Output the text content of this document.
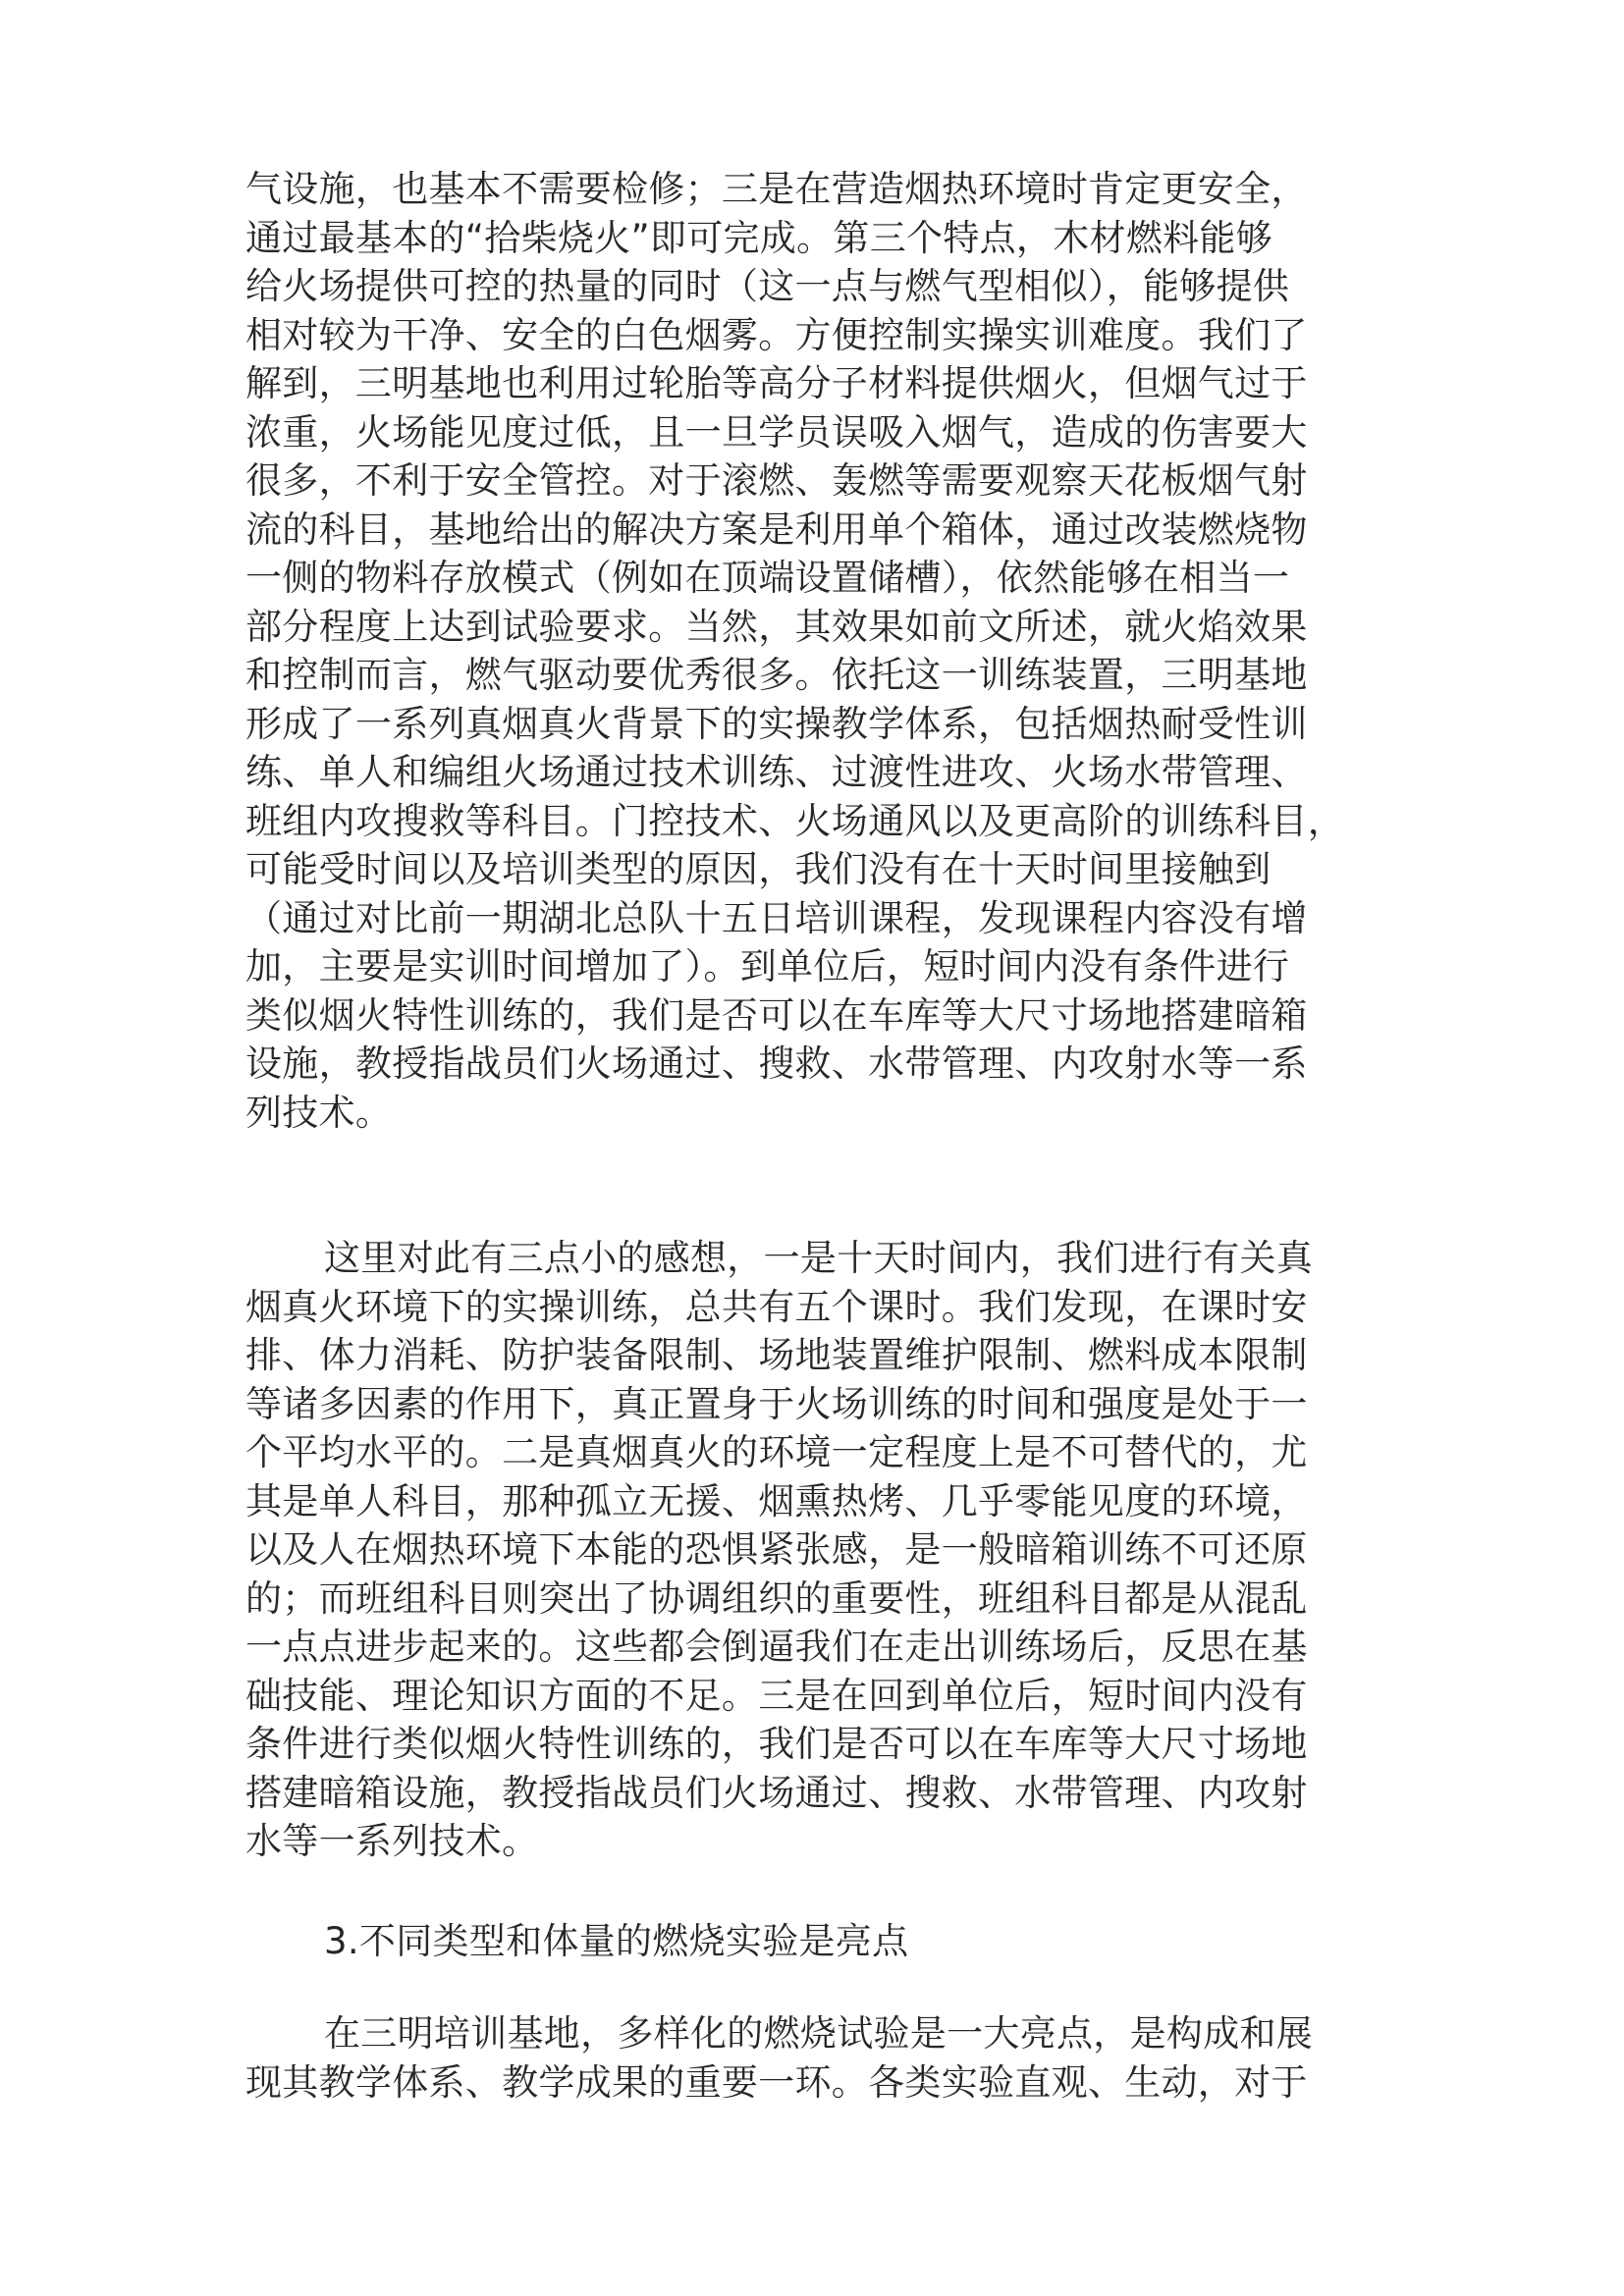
气设施，也基本不需要检修；三是在营造烟热环境时肯定更安全，
通过最基本的“拾柴烧火”即可完成。第三个特点，木材燃料能够
给火场提供可控的热量的同时（这一点与燃气型相似），能够提供
相对较为干净、安全的白色烟雾。方便控制实操实训难度。我们了
解到，三明基地也利用过轮胎等高分子材料提供烟火，但烟气过于
浓重，火场能见度过低，且一旦学员误吸入烟气，造成的伤害要大
很多，不利于安全管控。对于滚燃、轰燃等需要观察天花板烟气射
流的科目，基地给出的解决方案是利用单个箱体，通过改装燃烧物
一侧的物料存放模式（例如在顶端设置储槽），依然能够在相当一
部分程度上达到试验要求。当然，其效果如前文所述，就火焰效果
和控制而言，燃气驱动要优秀很多。依托这一训练装置，三明基地
形成了一系列真烟真火背景下的实操教学体系，包括烟热耐受性训
练、单人和编组火场通过技术训练、过渡性进攻、火场水带管理、
班组内攻搜救等科目。门控技术、火场通风以及更高阶的训练科目，
可能受时间以及培训类型的原因，我们没有在十天时间里接触到
（通过对比前一期湖北总队十五日培训课程，发现课程内容没有增
加，主要是实训时间增加了）。到单位后，短时间内没有条件进行
类似烟火特性训练的，我们是否可以在车库等大尺寸场地搭建暗箱
设施，教授指战员们火场通过、搜救、水带管理、内攻射水等一系
列技术。
这里对此有三点小的感想，一是十天时间内，我们进行有关真
烟真火环境下的实操训练，总共有五个课时。我们发现，在课时安
排、体力消耗、防护装备限制、场地装置维护限制、燃料成本限制
等诸多因素的作用下，真正置身于火场训练的时间和强度是处于一
个平均水平的。二是真烟真火的环境一定程度上是不可替代的，尤
其是单人科目，那种孤立无援、烟熏热烤、几乎零能见度的环境，
以及人在烟热环境下本能的恐惧紧张感，是一般暗箱训练不可还原
的；而班组科目则突出了协调组织的重要性，班组科目都是从混乱
一点点进步起来的。这些都会倒逼我们在走出训练场后，反思在基
础技能、理论知识方面的不足。三是在回到单位后，短时间内没有
条件进行类似烟火特性训练的，我们是否可以在车库等大尺寸场地
搭建暗箱设施，教授指战员们火场通过、搜救、水带管理、内攻射
水等一系列技术。
3.不同类型和体量的燃烧实验是亮点
在三明培训基地，多样化的燃烧试验是一大亮点，是构成和展
现其教学体系、教学成果的重要一环。各类实验直观、生动，对于
